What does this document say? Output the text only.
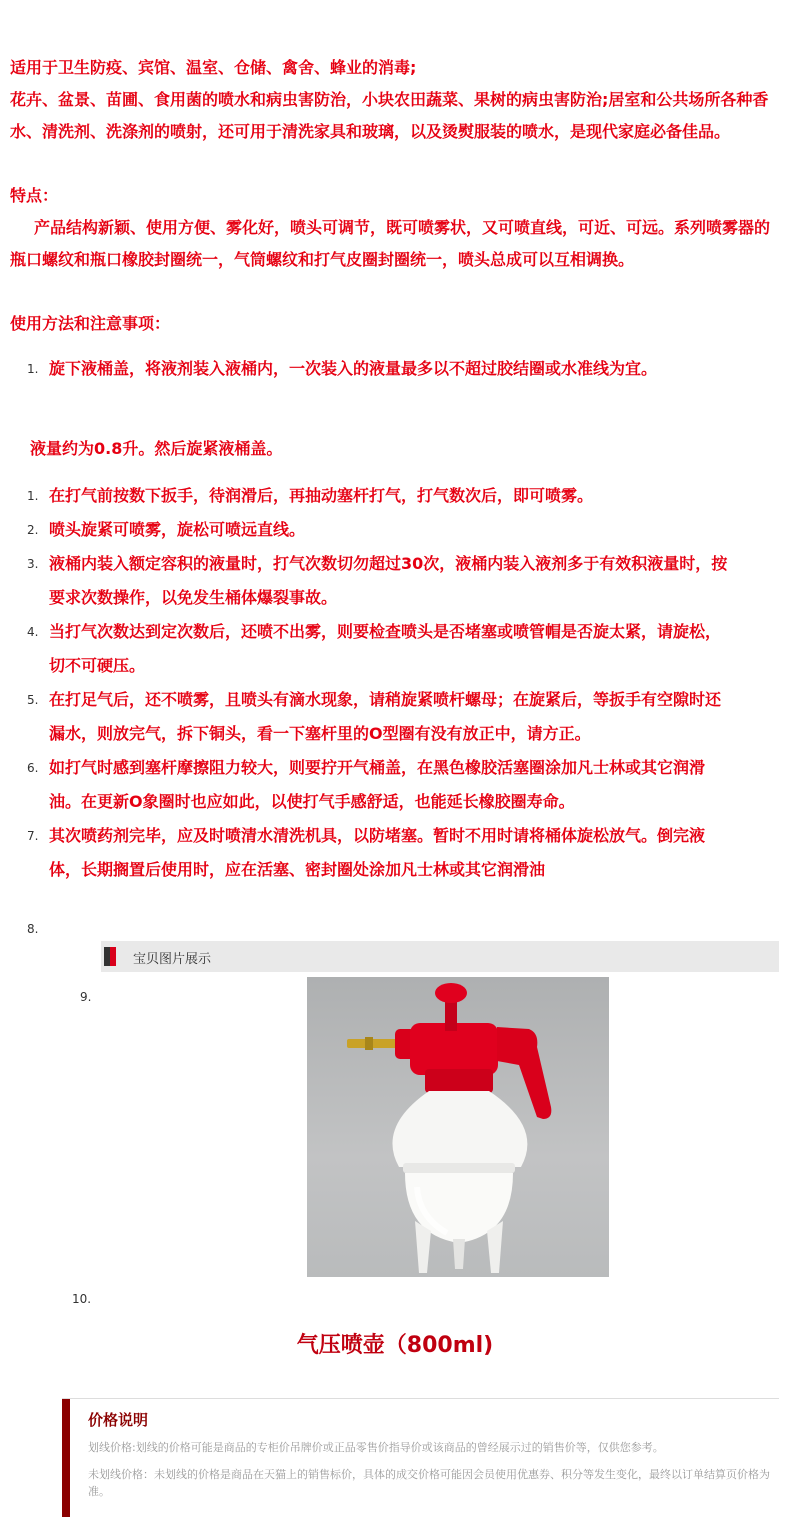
适用于卫生防疫、宾馆、温室、仓储、禽舍、蜂业的消毒;
花卉、盆景、苗圃、食用菌的喷水和病虫害防治，小块农田蔬菜、果树的病虫害防治;居室和公共场所各种香水、清洗剂、洗涤剂的喷射，还可用于清洗家具和玻璃，以及烫熨服装的喷水，是现代家庭必备佳品。
特点：
产品结构新颖、使用方便、雾化好，喷头可调节，既可喷雾状，又可喷直线，可近、可远。系列喷雾器的瓶口螺纹和瓶口橡胶封圈统一，气筒螺纹和打气皮圈封圈统一，喷头总成可以互相调换。
使用方法和注意事项：
1. 旋下液桶盖，将液剂装入液桶内，一次装入的液量最多以不超过胶结圈或水准线为宜。
液量约为0.8升。然后旋紧液桶盖。
1. 在打气前按数下扳手，待润滑后，再抽动塞杆打气，打气数次后，即可喷雾。
2. 喷头旋紧可喷雾，旋松可喷远直线。
3. 液桶内装入额定容积的液量时，打气次数切勿超过30次，液桶内装入液剂多于有效积液量时，按要求次数操作，以免发生桶体爆裂事故。
4. 当打气次数达到定次数后，还喷不出雾，则要检查喷头是否堵塞或喷管帽是否旋太紧，请旋松，切不可硬压。
5. 在打足气后，还不喷雾，且喷头有滴水现象，请稍旋紧喷杆螺母；在旋紧后，等扳手有空隙时还漏水，则放完气，拆下铜头，看一下塞杆里的O型圈有没有放正中，请方正。
6. 如打气时感到塞杆摩擦阻力较大，则要拧开气桶盖，在黑色橡胶活塞圈涂加凡士林或其它润滑油。在更新O象圈时也应如此，以使打气手感舒适，也能延长橡胶圈寿命。
7. 其次喷药剂完毕，应及时喷清水清洗机具，以防堵塞。暂时不用时请将桶体旋松放气。倒完液体，长期搁置后使用时，应在活塞、密封圈处涂加凡士林或其它润滑油
8.
宝贝图片展示
9.
10.
气压喷壶（800ml)
价格说明
划线价格:划线的价格可能是商品的专柜价吊牌价或正品零售价指导价或该商品的曾经展示过的销售价等，仅供您参考。
未划线价格：未划线的价格是商品在天猫上的销售标价，具体的成交价格可能因会员使用优惠券、积分等发生变化，最终以订单结算页价格为准。
